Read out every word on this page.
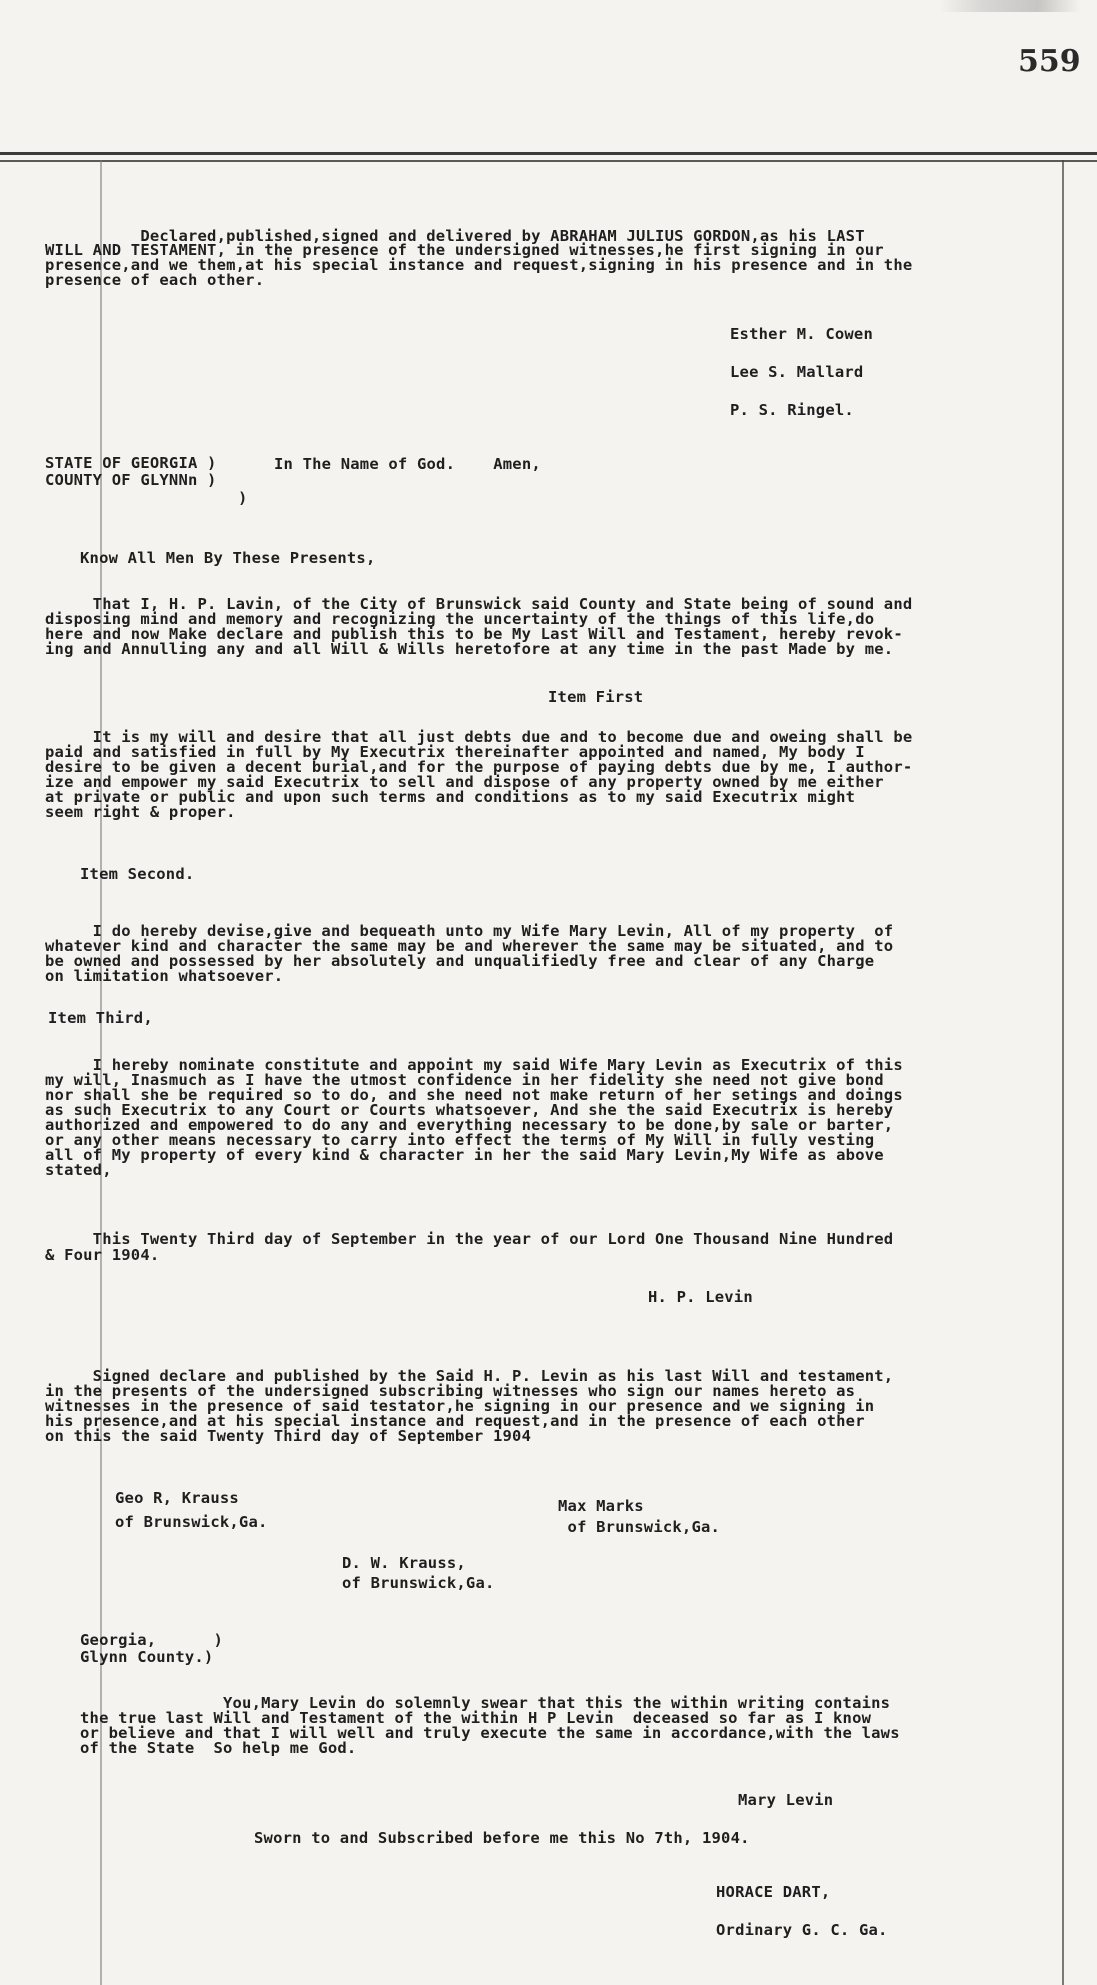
559
Declared,published,signed and delivered by ABRAHAM JULIUS GORDON,as his LAST
WILL AND TESTAMENT, in the presence of the undersigned witnesses,he first signing in our
presence,and we them,at his special instance and request,signing in his presence and in the
presence of each other.
Esther M. Cowen
Lee S. Mallard
P. S. Ringel.
STATE OF GEORGIA )
COUNTY OF GLYNNn )
)
In The Name of God.    Amen,
Know All Men By These Presents,
That I, H. P. Lavin, of the City of Brunswick said County and State being of sound and
disposing mind and memory and recognizing the uncertainty of the things of this life,do
here and now Make declare and publish this to be My Last Will and Testament, hereby revok-
ing and Annulling any and all Will & Wills heretofore at any time in the past Made by me.
Item First
It is my will and desire that all just debts due and to become due and oweing shall be
paid and satisfied in full by My Executrix thereinafter appointed and named, My body I
desire to be given a decent burial,and for the purpose of paying debts due by me, I author-
ize and empower my said Executrix to sell and dispose of any property owned by me either
at private or public and upon such terms and conditions as to my said Executrix might
seem right & proper.
Item Second.
I do hereby devise,give and bequeath unto my Wife Mary Levin, All of my property  of
whatever kind and character the same may be and wherever the same may be situated, and to
be owned and possessed by her absolutely and unqualifiedly free and clear of any Charge
on limitation whatsoever.
Item Third,
I hereby nominate constitute and appoint my said Wife Mary Levin as Executrix of this
my will, Inasmuch as I have the utmost confidence in her fidelity she need not give bond
nor shall she be required so to do, and she need not make return of her setings and doings
as such Executrix to any Court or Courts whatsoever, And she the said Executrix is hereby
authorized and empowered to do any and everything necessary to be done,by sale or barter,
or any other means necessary to carry into effect the terms of My Will in fully vesting
all of My property of every kind & character in her the said Mary Levin,My Wife as above
stated,
This Twenty Third day of September in the year of our Lord One Thousand Nine Hundred
& Four 1904.
H. P. Levin
Signed declare and published by the Said H. P. Levin as his last Will and testament,
in the presents of the undersigned subscribing witnesses who sign our names hereto as
witnesses in the presence of said testator,he signing in our presence and we signing in
his presence,and at his special instance and request,and in the presence of each other
on this the said Twenty Third day of September 1904
Geo R, Krauss
of Brunswick,Ga.
Max Marks
of Brunswick,Ga.
D. W. Krauss,
of Brunswick,Ga.
Georgia,      )
Glynn County.)
You,Mary Levin do solemnly swear that this the within writing contains
the true last Will and Testament of the within H P Levin  deceased so far as I know
or believe and that I will well and truly execute the same in accordance,with the laws
of the State  So help me God.
Mary Levin
Sworn to and Subscribed before me this No 7th, 1904.
HORACE DART,
Ordinary G. C. Ga.
